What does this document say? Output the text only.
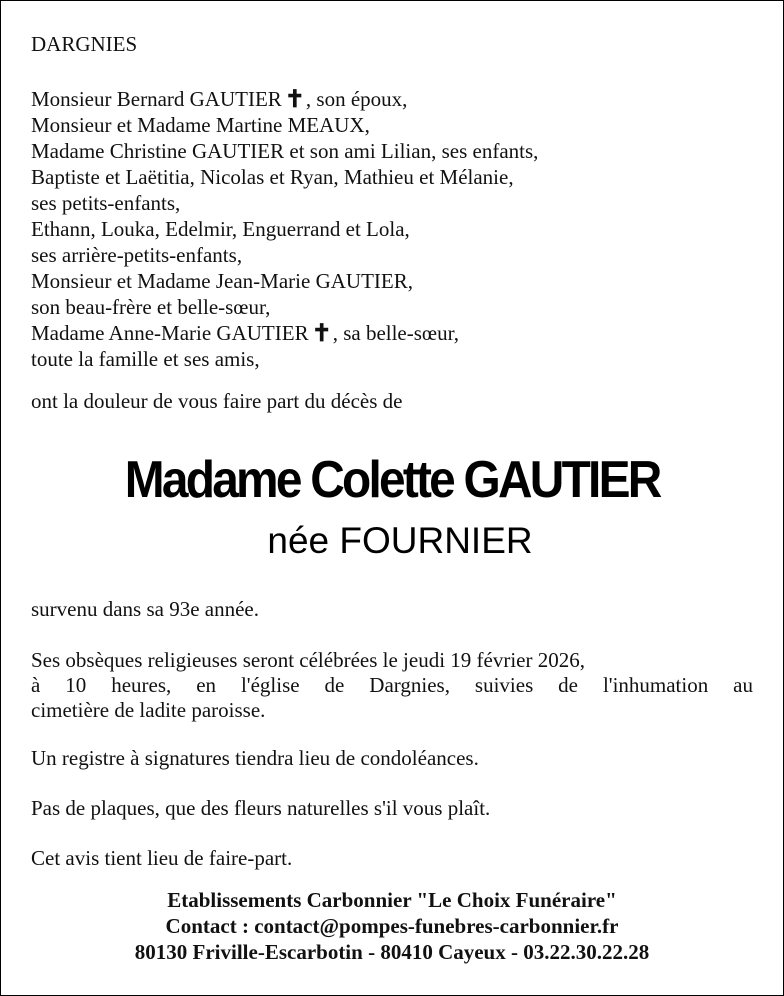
DARGNIES
Monsieur Bernard GAUTIER ✝, son époux,
Monsieur et Madame Martine MEAUX,
Madame Christine GAUTIER et son ami Lilian, ses enfants,
Baptiste et Laëtitia, Nicolas et Ryan, Mathieu et Mélanie,
ses petits-enfants,
Ethann, Louka, Edelmir, Enguerrand et Lola,
ses arrière-petits-enfants,
Monsieur et Madame Jean-Marie GAUTIER,
son beau-frère et belle-sœur,
Madame Anne-Marie GAUTIER ✝, sa belle-sœur,
toute la famille et ses amis,
ont la douleur de vous faire part du décès de
Madame Colette GAUTIER
née FOURNIER
survenu dans sa 93e année.
Ses obsèques religieuses seront célébrées le jeudi 19 février 2026,
à 10 heures, en l'église de Dargnies, suivies de l'inhumation au
cimetière de ladite paroisse.
Un registre à signatures tiendra lieu de condoléances.
Pas de plaques, que des fleurs naturelles s'il vous plaît.
Cet avis tient lieu de faire-part.
Etablissements Carbonnier "Le Choix Funéraire"
Contact : contact@pompes-funebres-carbonnier.fr
80130 Friville-Escarbotin - 80410 Cayeux - 03.22.30.22.28
